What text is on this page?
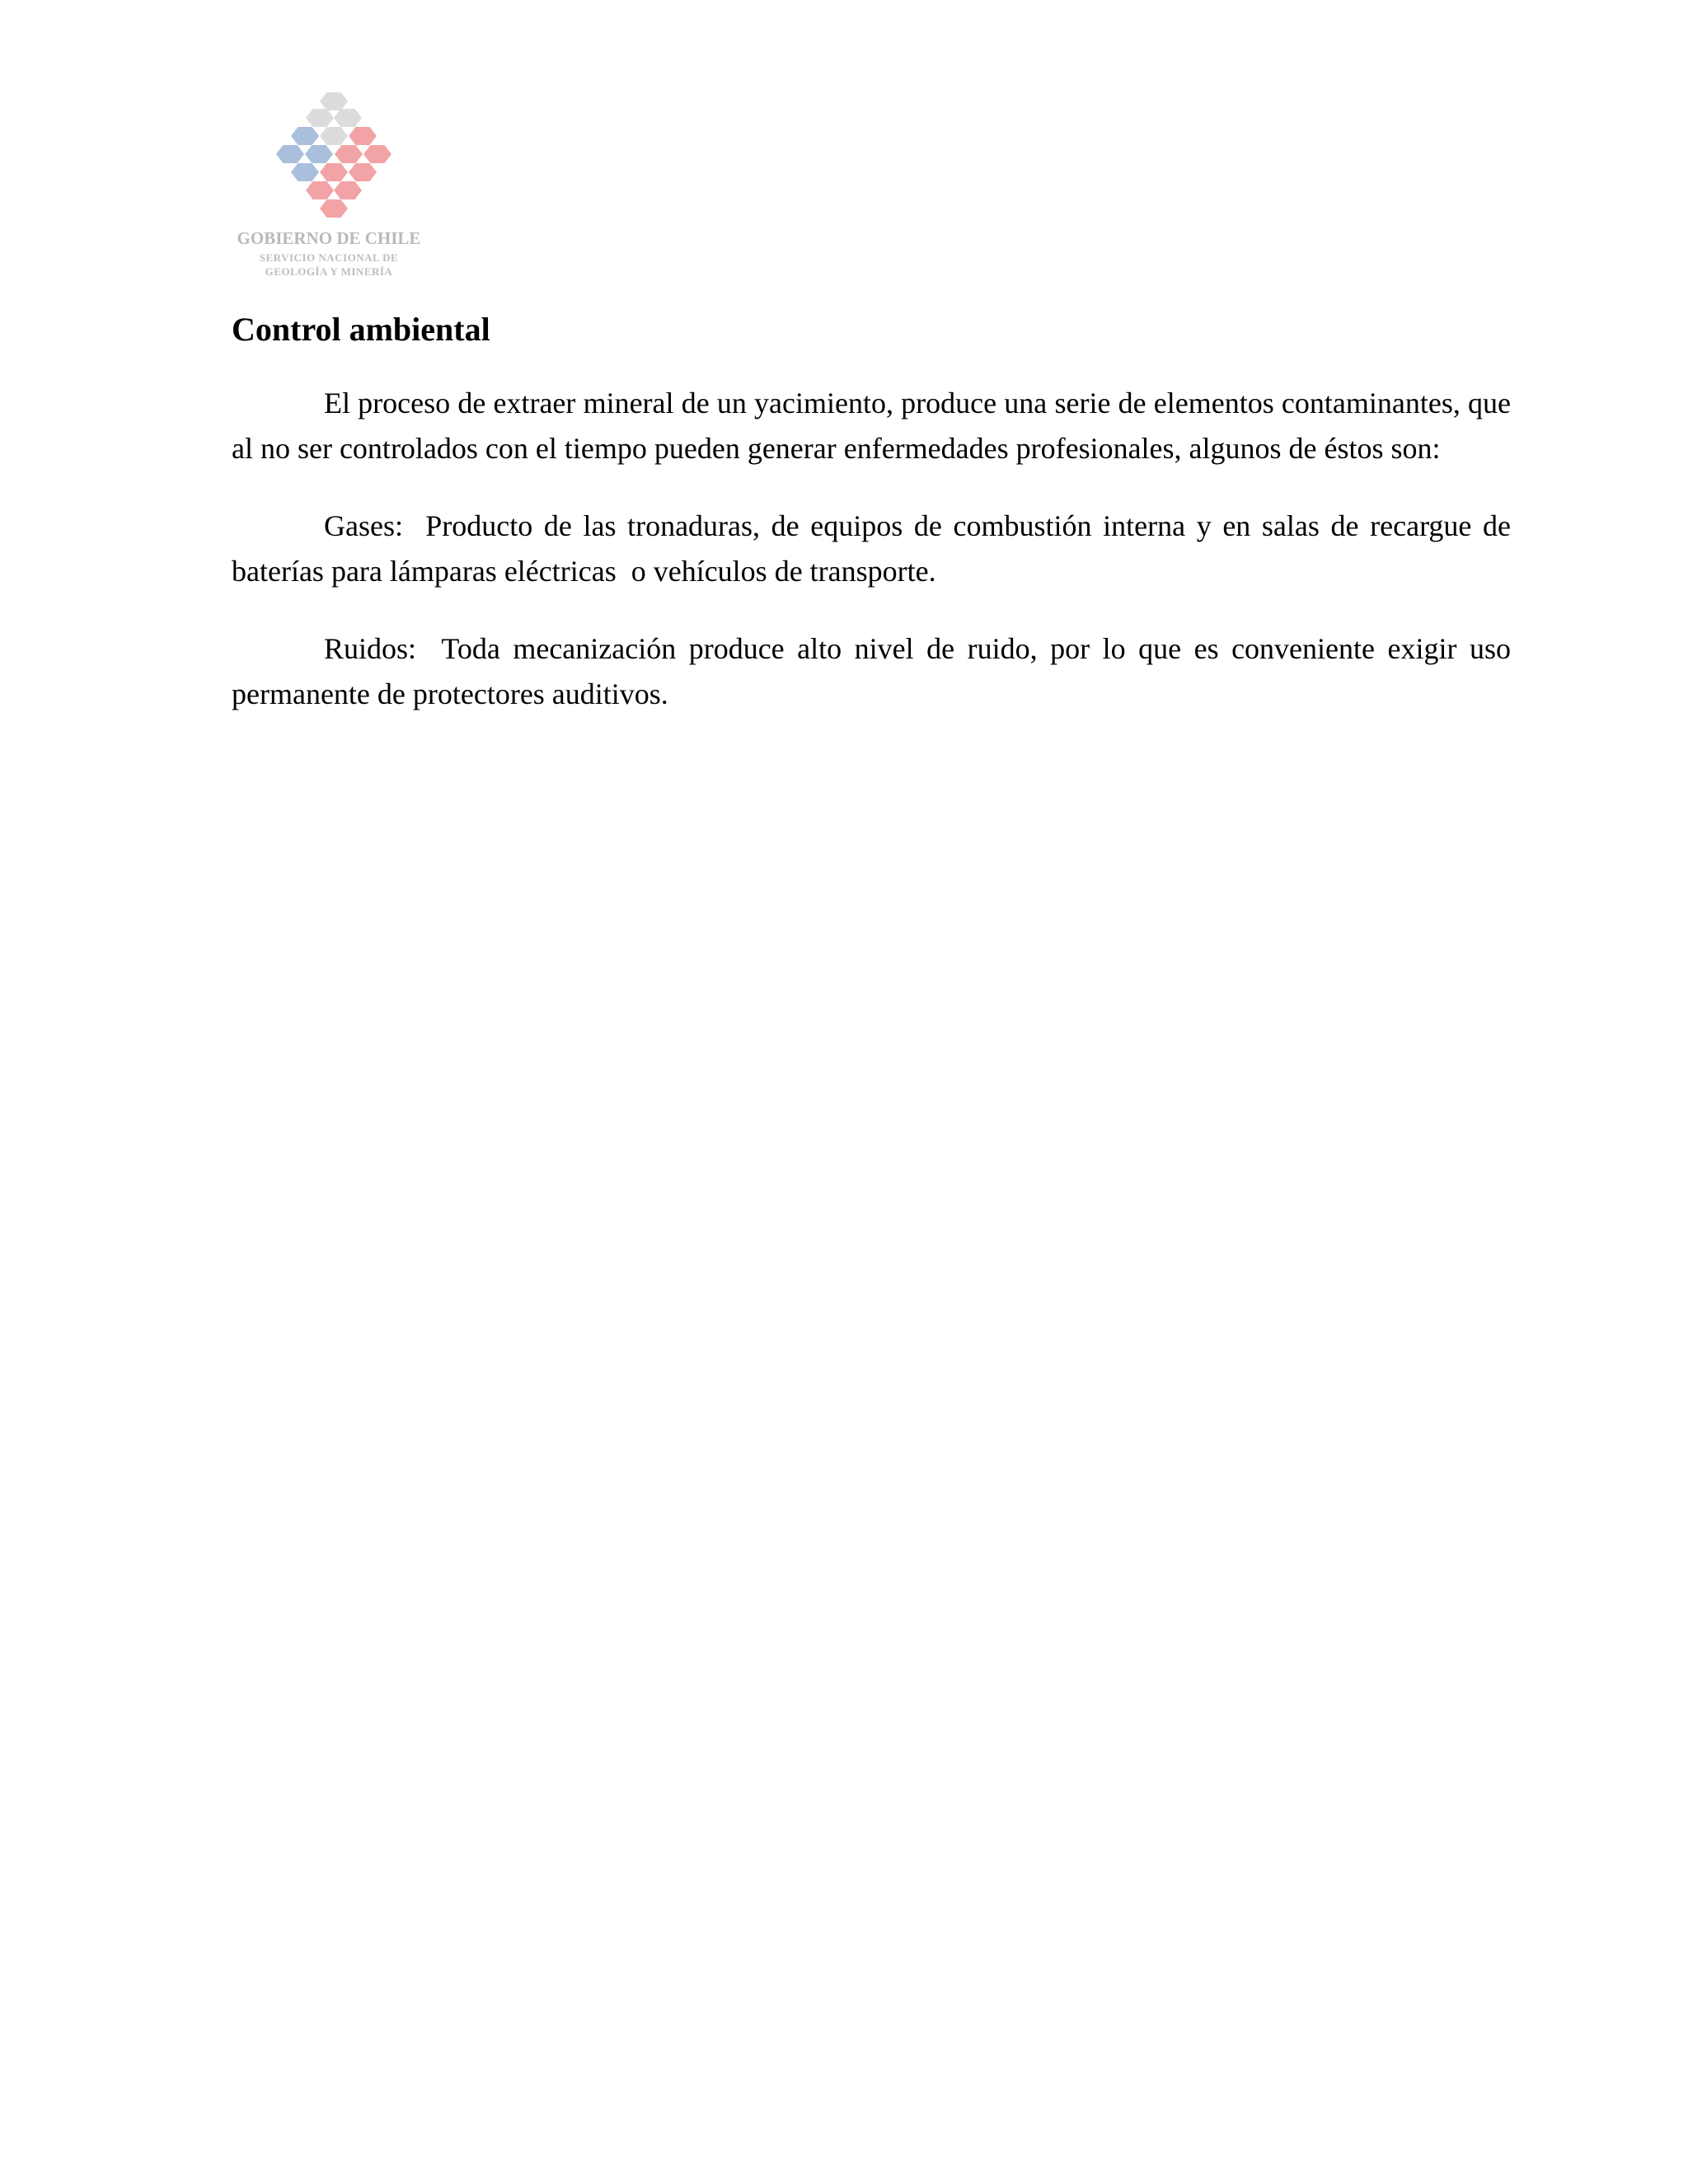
GOBIERNO DE CHILE
SERVICIO NACIONAL DE
GEOLOGÍA Y MINERÍA
Control ambiental

El proceso de extraer mineral de un yacimiento, produce una serie de elementos contaminantes, que al no ser controlados con el tiempo pueden generar enfermedades profesionales, algunos de éstos son:

Gases:  Producto de las tronaduras, de equipos de combustión interna y en salas de recargue de baterías para lámparas eléctricas  o vehículos de transporte.

Ruidos:  Toda mecanización produce alto nivel de ruido, por lo que es conveniente exigir uso permanente de protectores auditivos.
